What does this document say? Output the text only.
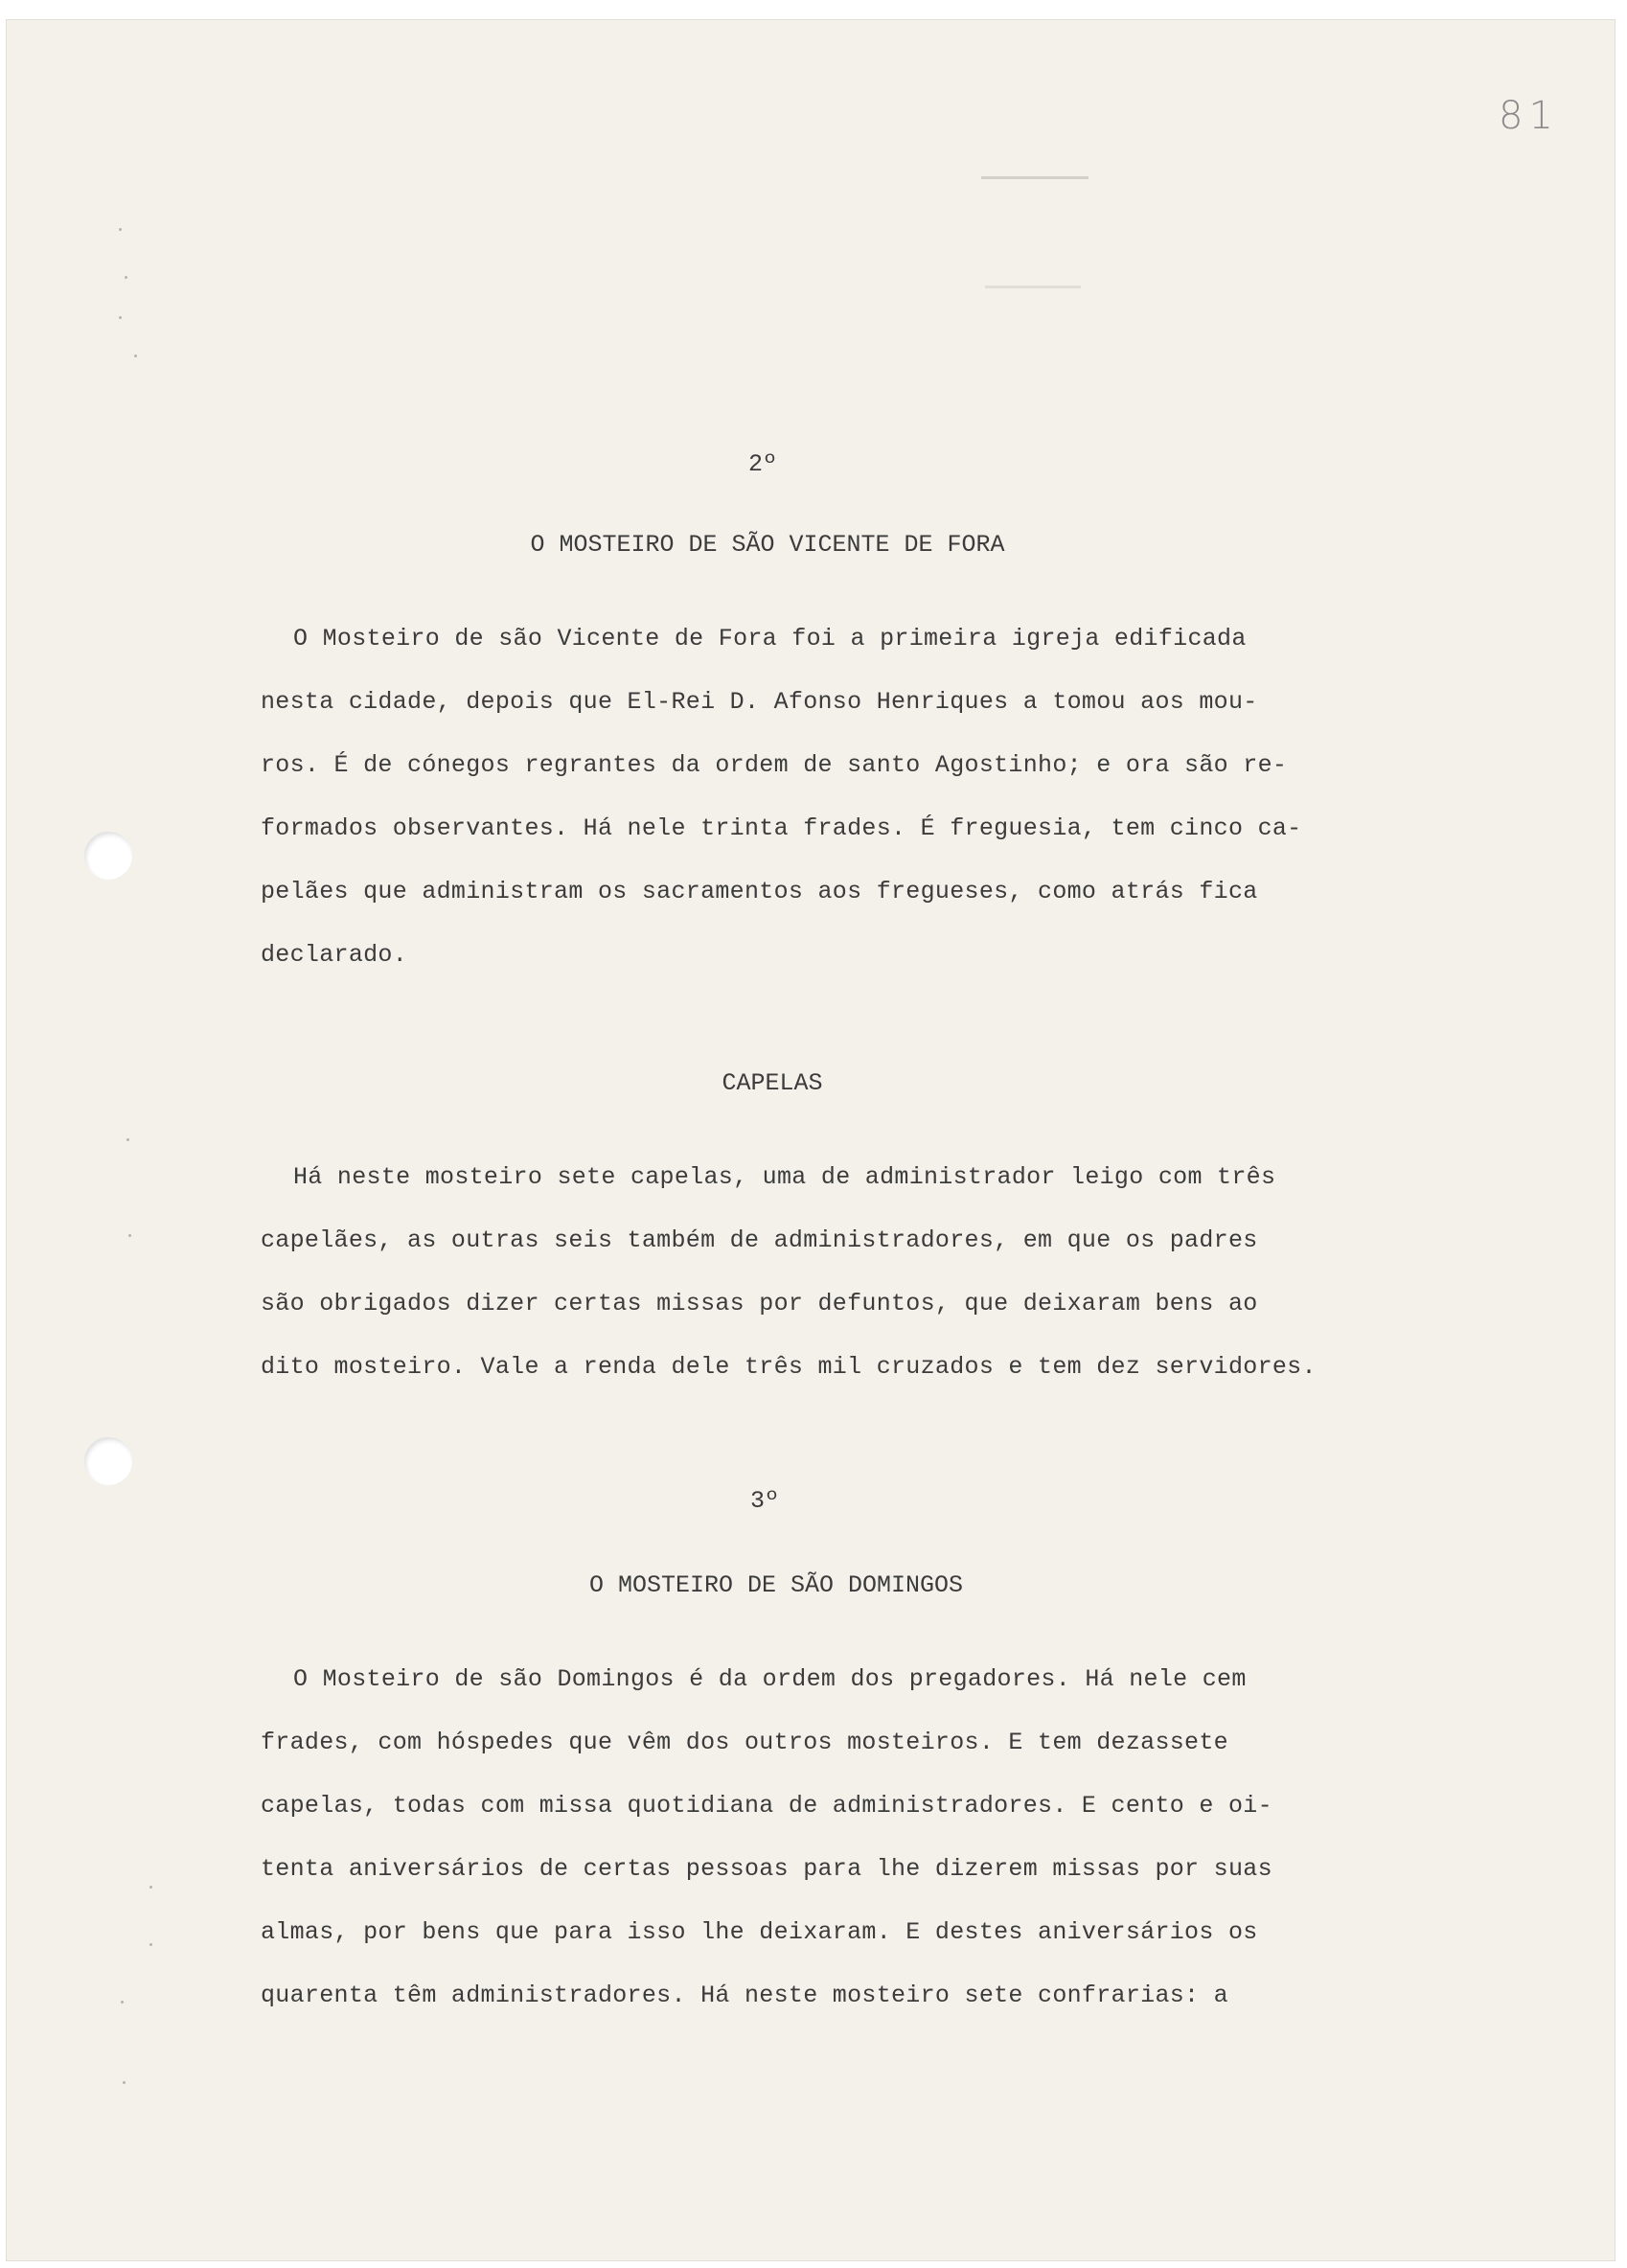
81
2º
O MOSTEIRO DE SÃO VICENTE DE FORA
O Mosteiro de são Vicente de Fora foi a primeira igreja edificada
nesta cidade, depois que El-Rei D. Afonso Henriques a tomou aos mou-
ros. É de cónegos regrantes da ordem de santo Agostinho; e ora são re-
formados observantes. Há nele trinta frades. É freguesia, tem cinco ca-
pelães que administram os sacramentos aos fregueses, como atrás fica
declarado.
CAPELAS
Há neste mosteiro sete capelas, uma de administrador leigo com três
capelães, as outras seis também de administradores, em que os padres
são obrigados dizer certas missas por defuntos, que deixaram bens ao
dito mosteiro. Vale a renda dele três mil cruzados e tem dez servidores.
3º
O MOSTEIRO DE SÃO DOMINGOS
O Mosteiro de são Domingos é da ordem dos pregadores. Há nele cem
frades, com hóspedes que vêm dos outros mosteiros. E tem dezassete
capelas, todas com missa quotidiana de administradores. E cento e oi-
tenta aniversários de certas pessoas para lhe dizerem missas por suas
almas, por bens que para isso lhe deixaram. E destes aniversários os
quarenta têm administradores. Há neste mosteiro sete confrarias: a
